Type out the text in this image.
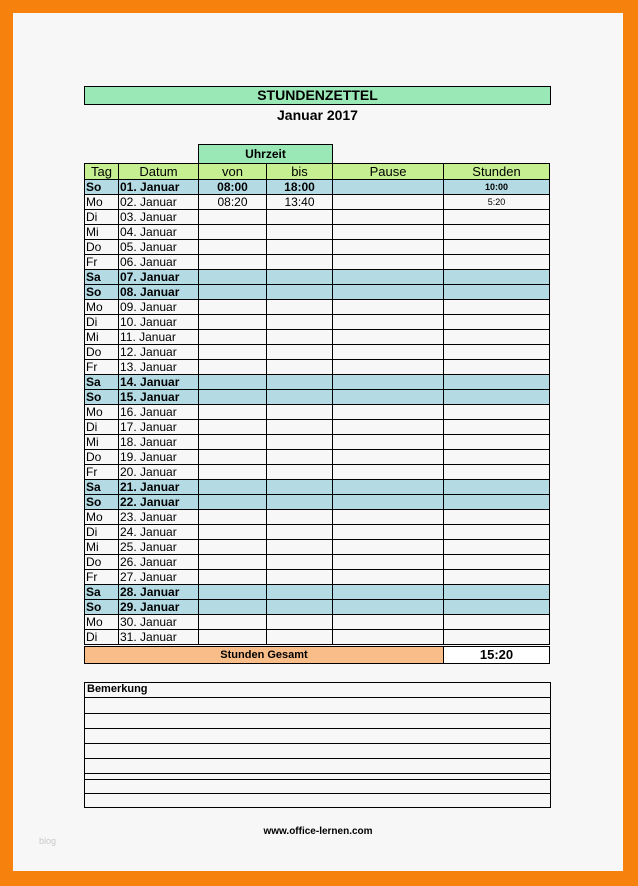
STUNDENZETTEL
Januar 2017
Uhrzeit
Tag	Datum	von	bis	Pause	Stunden
So	01. Januar	08:00	18:00		10:00
Mo	02. Januar	08:20	13:40		5:20
Di	03. Januar				
Mi	04. Januar				
Do	05. Januar				
Fr	06. Januar				
Sa	07. Januar				
So	08. Januar				
Mo	09. Januar				
Di	10. Januar				
Mi	11. Januar				
Do	12. Januar				
Fr	13. Januar				
Sa	14. Januar				
So	15. Januar				
Mo	16. Januar				
Di	17. Januar				
Mi	18. Januar				
Do	19. Januar				
Fr	20. Januar				
Sa	21. Januar				
So	22. Januar				
Mo	23. Januar				
Di	24. Januar				
Mi	25. Januar				
Do	26. Januar				
Fr	27. Januar				
Sa	28. Januar				
So	29. Januar				
Mo	30. Januar				
Di	31. Januar				

Stunden Gesamt					15:20
Bemerkung
www.office-lernen.com
blog
